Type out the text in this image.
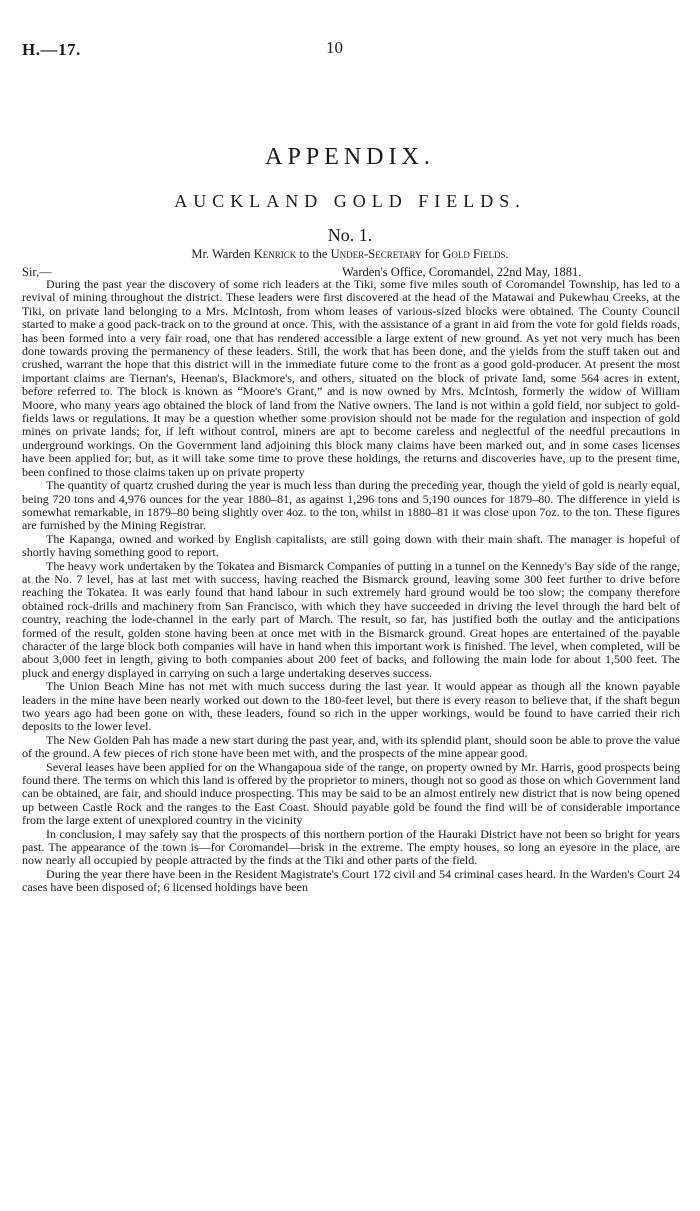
H.—17.	10
APPENDIX.
AUCKLAND GOLD FIELDS.
No. 1.
Mr. Warden Kenrick to the Under-Secretary for Gold Fields.
Sir,—	Warden's Office, Coromandel, 22nd May, 1881.

During the past year the discovery of some rich leaders at the Tiki, some five miles south of Coromandel Township, has led to a revival of mining throughout the district. These leaders were first discovered at the head of the Matawai and Pukewhau Creeks, at the Tiki, on private land belonging to a Mrs. McIntosh, from whom leases of various-sized blocks were obtained. The County Council started to make a good pack-track on to the ground at once. This, with the assistance of a grant in aid from the vote for gold fields roads, has been formed into a very fair road, one that has rendered accessible a large extent of new ground. As yet not very much has been done towards proving the permanency of these leaders. Still, the work that has been done, and the yields from the stuff taken out and crushed, warrant the hope that this district will in the immediate future come to the front as a good gold-producer. At present the most important claims are Tiernan's, Heenan's, Blackmore's, and others, situated on the block of private land, some 564 acres in extent, before referred to. The block is known as “Moore's Grant,” and is now owned by Mrs. McIntosh, formerly the widow of William Moore, who many years ago obtained the block of land from the Native owners. The land is not within a gold field, nor subject to gold-fields laws or regulations. It may be a question whether some provision should not be made for the regulation and inspection of gold mines on private lands; for, if left without control, miners are apt to become careless and neglectful of the needful precautions in underground workings. On the Government land adjoining this block many claims have been marked out, and in some cases licenses have been applied for; but, as it will take some time to prove these holdings, the returns and discoveries have, up to the present time, been confined to those claims taken up on private property

The quantity of quartz crushed during the year is much less than during the preceding year, though the yield of gold is nearly equal, being 720 tons and 4,976 ounces for the year 1880–81, as against 1,296 tons and 5,190 ounces for 1879–80. The difference in yield is somewhat remarkable, in 1879–80 being slightly over 4oz. to the ton, whilst in 1880–81 it was close upon 7oz. to the ton. These figures are furnished by the Mining Registrar.

The Kapanga, owned and worked by English capitalists, are still going down with their main shaft. The manager is hopeful of shortly having something good to report.

The heavy work undertaken by the Tokatea and Bismarck Companies of putting in a tunnel on the Kennedy's Bay side of the range, at the No. 7 level, has at last met with success, having reached the Bismarck ground, leaving some 300 feet further to drive before reaching the Tokatea. It was early found that hand labour in such extremely hard ground would be too slow; the company therefore obtained rock-drills and machinery from San Francisco, with which they have succeeded in driving the level through the hard belt of country, reaching the lode-channel in the early part of March. The result, so far, has justified both the outlay and the anticipations formed of the result, golden stone having been at once met with in the Bismarck ground. Great hopes are entertained of the payable character of the large block both companies will have in hand when this important work is finished. The level, when completed, will be about 3,000 feet in length, giving to both companies about 200 feet of backs, and following the main lode for about 1,500 feet. The pluck and energy displayed in carrying on such a large undertaking deserves success.

The Union Beach Mine has not met with much success during the last year. It would appear as though all the known payable leaders in the mine have been nearly worked out down to the 180-feet level, but there is every reason to believe that, if the shaft begun two years ago had been gone on with, these leaders, found so rich in the upper workings, would be found to have carried their rich deposits to the lower level.

The New Golden Pah has made a new start during the past year, and, with its splendid plant, should soon be able to prove the value of the ground. A few pieces of rich stone have been met with, and the prospects of the mine appear good.

Several leases have been applied for on the Whangapoua side of the range, on property owned by Mr. Harris, good prospects being found there. The terms on which this land is offered by the proprietor to miners, though not so good as those on which Government land can be obtained, are fair, and should induce prospecting. This may be said to be an almost entirely new district that is now being opened up between Castle Rock and the ranges to the East Coast. Should payable gold be found the find will be of considerable importance from the large extent of unexplored country in the vicinity

In conclusion, I may safely say that the prospects of this northern portion of the Hauraki District have not been so bright for years past. The appearance of the town is—for Coromandel—brisk in the extreme. The empty houses, so long an eyesore in the place, are now nearly all occupied by people attracted by the finds at the Tiki and other parts of the field.

During the year there have been in the Resident Magistrate's Court 172 civil and 54 criminal cases heard. In the Warden's Court 24 cases have been disposed of; 6 licensed holdings have been
